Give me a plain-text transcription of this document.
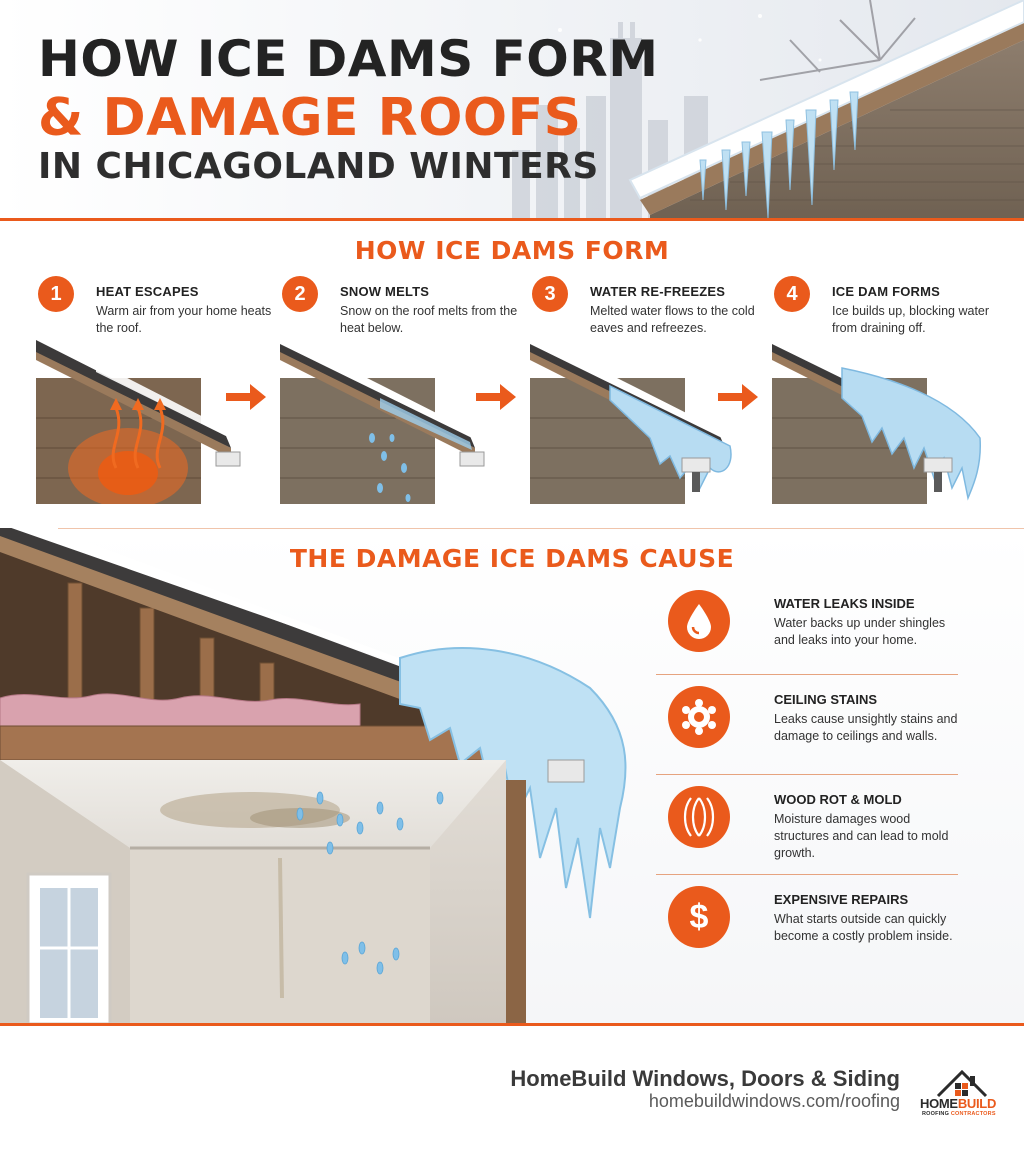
HOW ICE DAMS FORM
& DAMAGE ROOFS
IN CHICAGOLAND WINTERS
HOW ICE DAMS FORM
1	HEAT ESCAPES
Warm air from your home heats the roof.
2	SNOW MELTS
Snow on the roof melts from the heat below.
3	WATER RE-FREEZES
Melted water flows to the cold eaves and refreezes.
4	ICE DAM FORMS
Ice builds up, blocking water from draining off.
THE DAMAGE ICE DAMS CAUSE
WATER LEAKS INSIDE
Water backs up under shingles and leaks into your home.
CEILING STAINS
Leaks cause unsightly stains and damage to ceilings and walls.
WOOD ROT & MOLD
Moisture damages wood structures and can lead to mold growth.
$	EXPENSIVE REPAIRS
What starts outside can quickly become a costly problem inside.
HomeBuild Windows, Doors & Siding
homebuildwindows.com/roofing HOMEBUILD
ROOFING CONTRACTORS
